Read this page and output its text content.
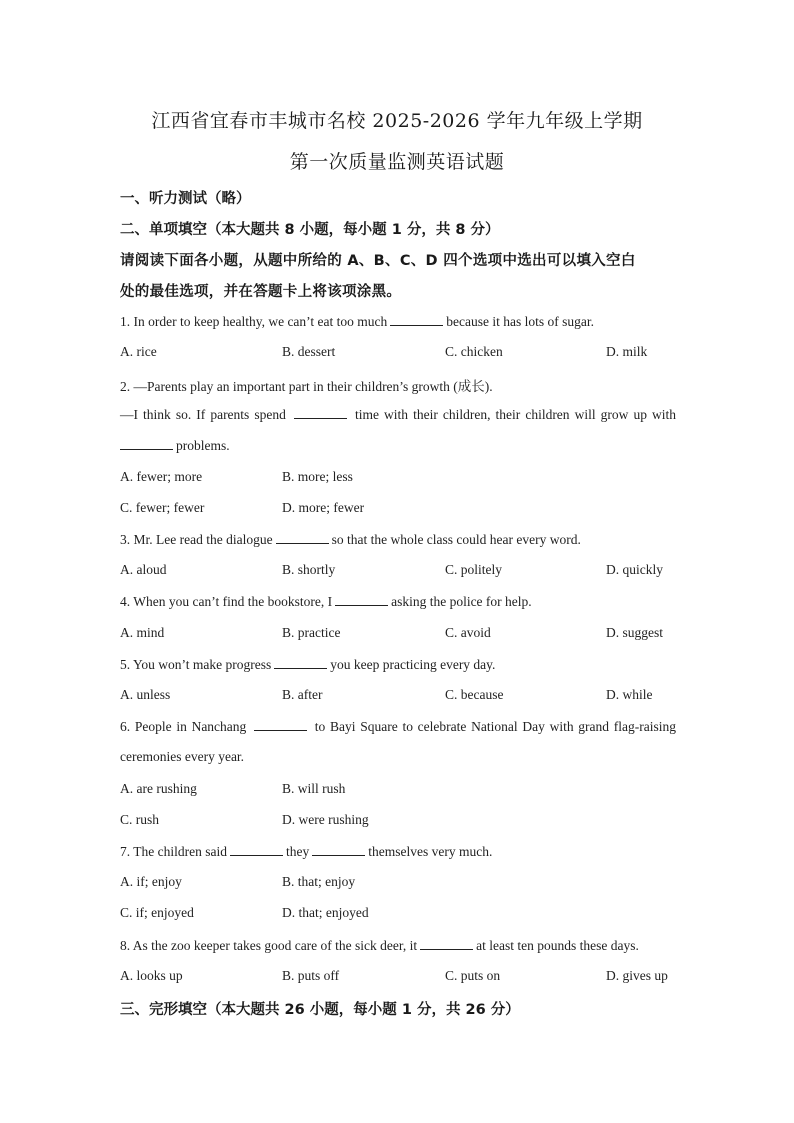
江西省宜春市丰城市名校 2025-2026 学年九年级上学期
第一次质量监测英语试题
一、听力测试（略）
二、单项填空（本大题共 8 小题，每小题 1 分，共 8 分）
请阅读下面各小题，从题中所给的 A、B、C、D 四个选项中选出可以填入空白
处的最佳选项，并在答题卡上将该项涂黑。
1. In order to keep healthy, we can’t eat too much	because it has lots of sugar.
A. rice	B. dessert	C. chicken	D. milk
2. —Parents play an important part in their children’s growth (成长).
—I think so. If parents spend	time with their children, their children will grow up with
problems.
A. fewer; more	B. more; less
C. fewer; fewer	D. more; fewer
3. Mr. Lee read the dialogue	so that the whole class could hear every word.
A. aloud	B. shortly	C. politely	D. quickly
4. When you can’t find the bookstore, I	asking the police for help.
A. mind	B. practice	C. avoid	D. suggest
5. You won’t make progress	you keep practicing every day.
A. unless	B. after	C. because	D. while
6. People in Nanchang	to Bayi Square to celebrate National Day with grand flag-raising
ceremonies every year.
A. are rushing	B. will rush
C. rush	D. were rushing
7. The children said	they	themselves very much.
A. if; enjoy	B. that; enjoy
C. if; enjoyed	D. that; enjoyed
8. As the zoo keeper takes good care of the sick deer, it	at least ten pounds these days.
A. looks up	B. puts off	C. puts on	D. gives up
三、完形填空（本大题共 26 小题，每小题 1 分，共 26 分）
